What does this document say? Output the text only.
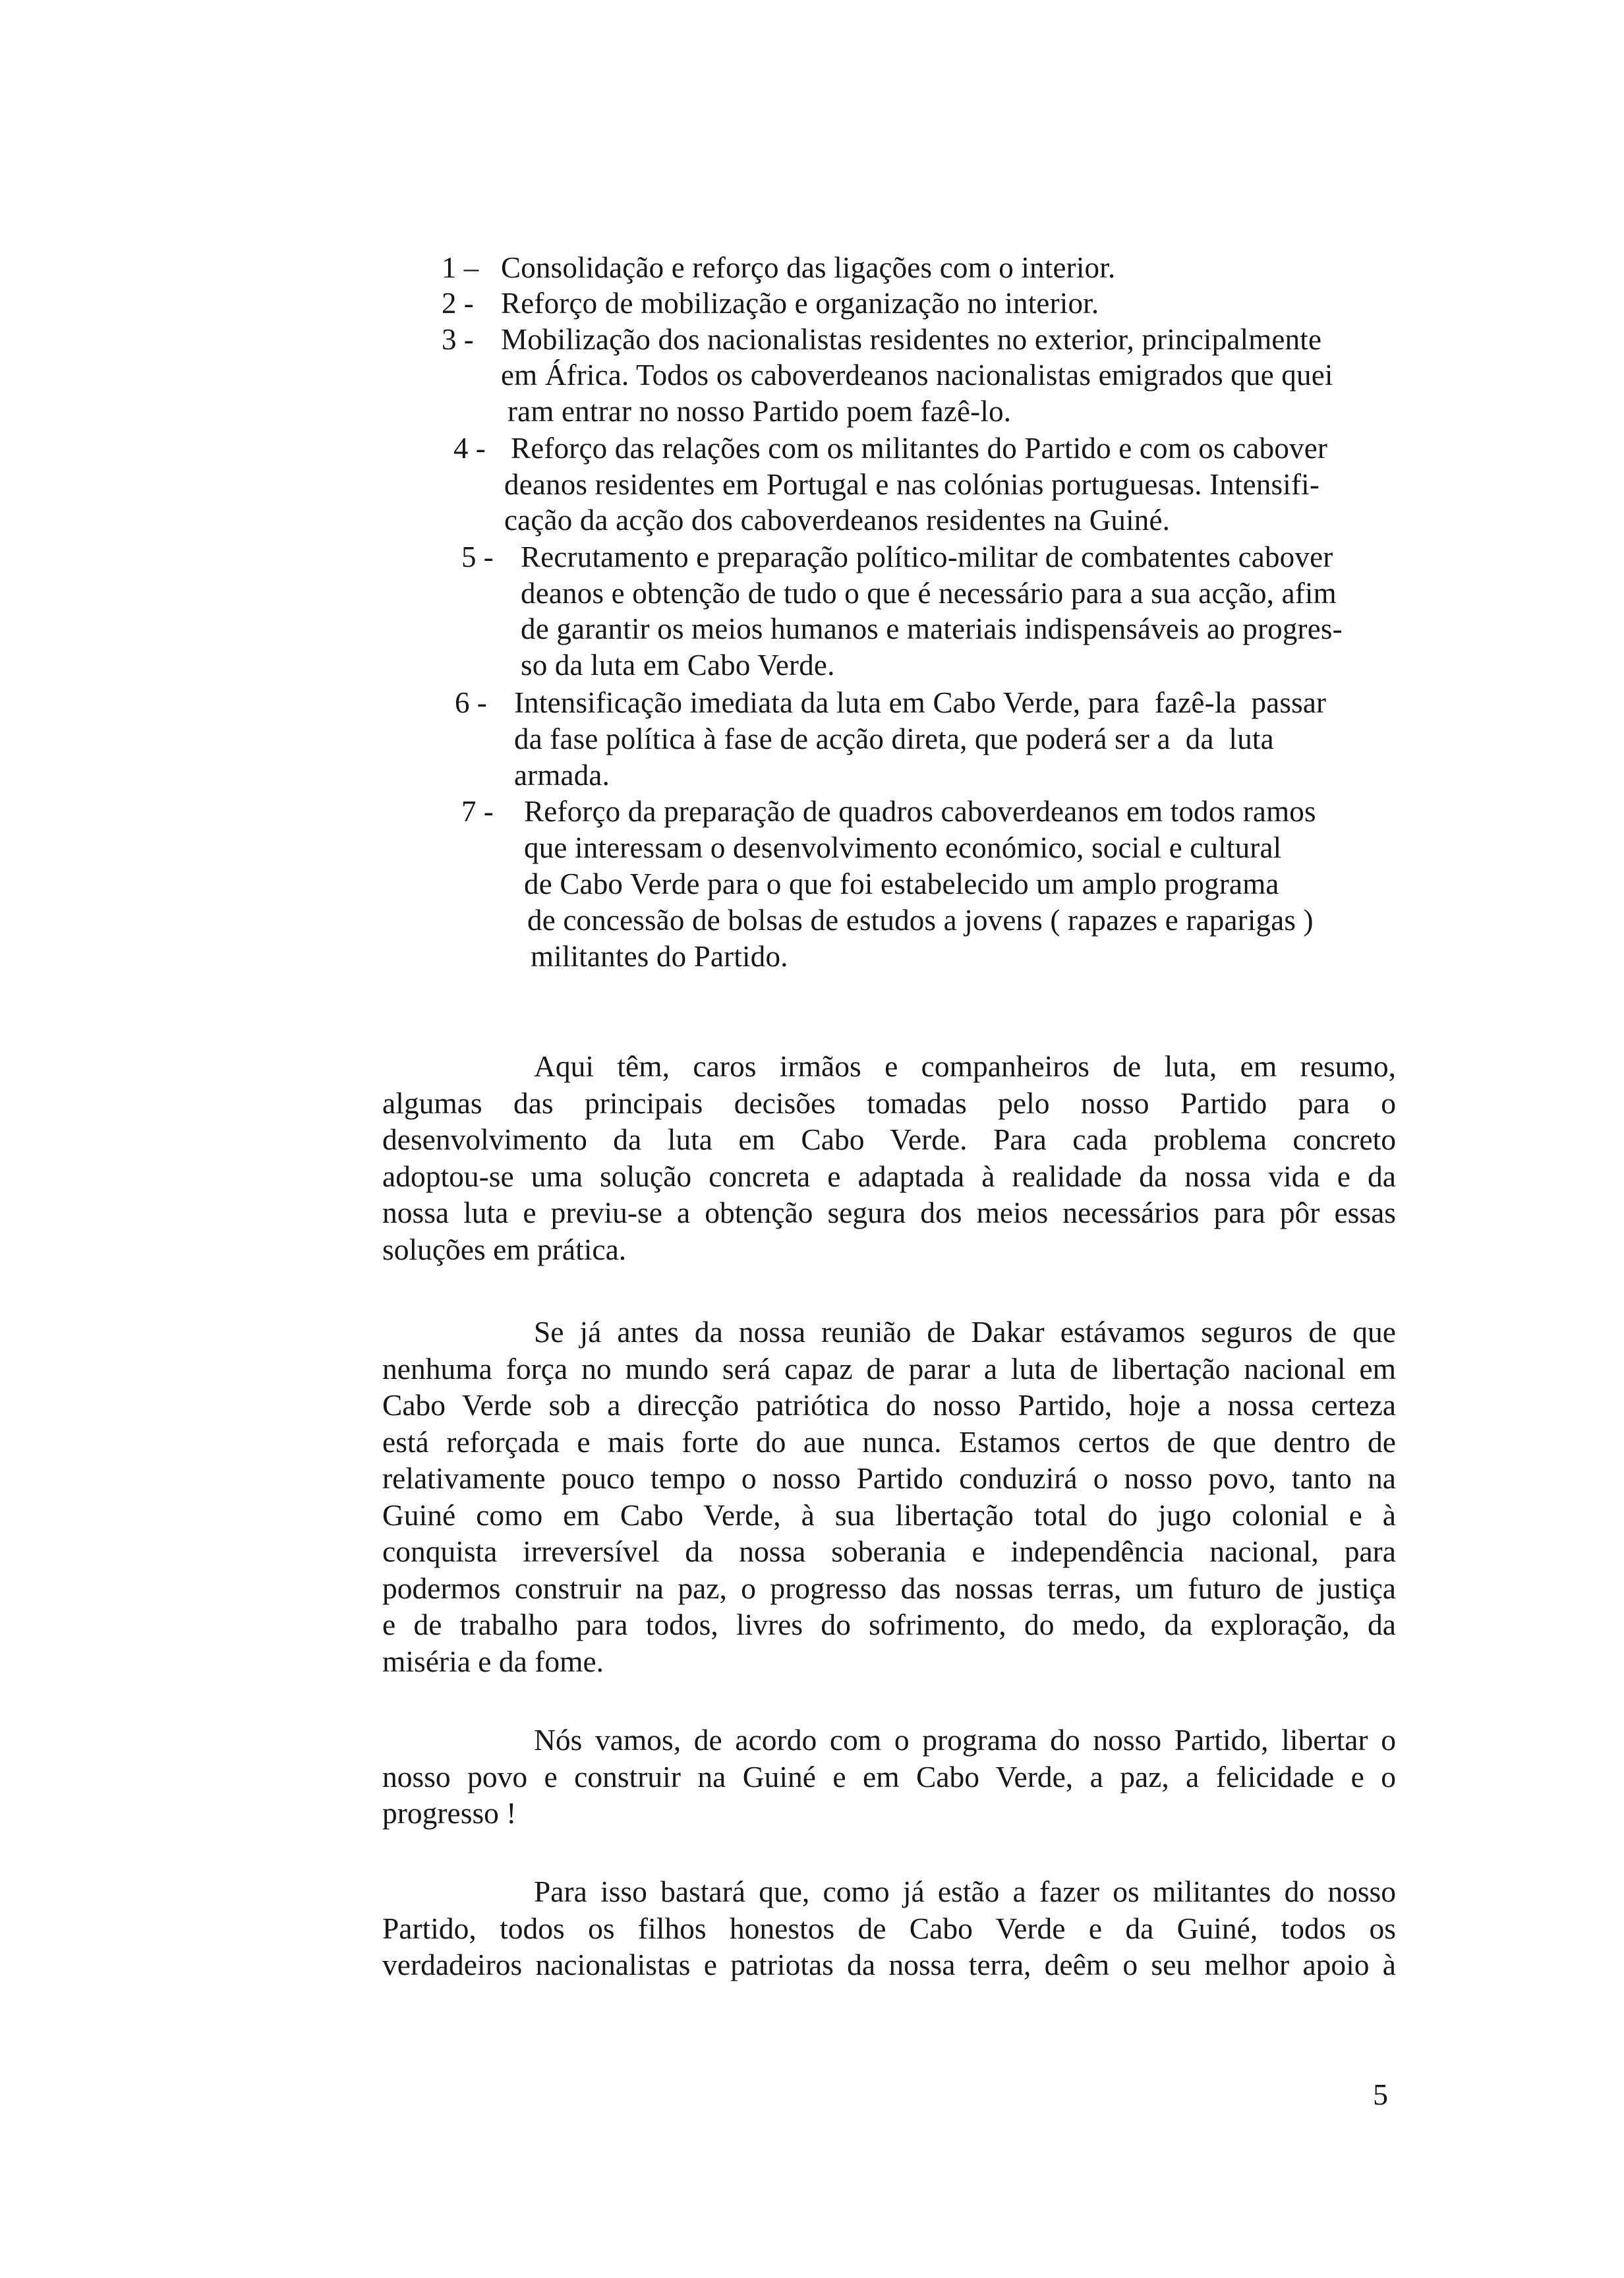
1 – Consolidação e reforço das ligações com o interior.
2 - Reforço de mobilização e organização no interior.
3 - Mobilização dos nacionalistas residentes no exterior, principalmente
em África. Todos os caboverdeanos nacionalistas emigrados que quei
ram entrar no nosso Partido poem fazê-lo.
4 - Reforço das relações com os militantes do Partido e com os cabover
deanos residentes em Portugal e nas colónias portuguesas. Intensifi-
cação da acção dos caboverdeanos residentes na Guiné.
5 - Recrutamento e preparação político-militar de combatentes cabover
deanos e obtenção de tudo o que é necessário para a sua acção, afim
de garantir os meios humanos e materiais indispensáveis ao progres-
so da luta em Cabo Verde.
6 - Intensificação imediata da luta em Cabo Verde, para  fazê-la  passar
da fase política à fase de acção direta, que poderá ser a  da  luta
armada.
7 - Reforço da preparação de quadros caboverdeanos em todos ramos
que interessam o desenvolvimento económico, social e cultural
de Cabo Verde para o que foi estabelecido um amplo programa
de concessão de bolsas de estudos a jovens ( rapazes e raparigas )
militantes do Partido.
Aqui têm, caros irmãos e companheiros de luta, em resumo,
algumas das principais decisões tomadas pelo nosso Partido para o
desenvolvimento da luta em Cabo Verde. Para cada problema concreto
adoptou-se uma solução concreta e adaptada à realidade da nossa vida e da
nossa luta e previu-se a obtenção segura dos meios necessários para pôr essas
soluções em prática.
Se já antes da nossa reunião de Dakar estávamos seguros de que
nenhuma força no mundo será capaz de parar a luta de libertação nacional em
Cabo Verde sob a direcção patriótica do nosso Partido, hoje a nossa certeza
está reforçada e mais forte do aue nunca. Estamos certos de que dentro de
relativamente pouco tempo o nosso Partido conduzirá o nosso povo, tanto na
Guiné como em Cabo Verde, à sua libertação total do jugo colonial e à
conquista irreversível da nossa soberania e independência nacional, para
podermos construir na paz, o progresso das nossas terras, um futuro de justiça
e de trabalho para todos, livres do sofrimento, do medo, da exploração, da
miséria e da fome.
Nós vamos, de acordo com o programa do nosso Partido, libertar o
nosso povo e construir na Guiné e em Cabo Verde, a paz, a felicidade e o
progresso !
Para isso bastará que, como já estão a fazer os militantes do nosso
Partido, todos os filhos honestos de Cabo Verde e da Guiné, todos os
verdadeiros nacionalistas e patriotas da nossa terra, deêm o seu melhor apoio à
5
